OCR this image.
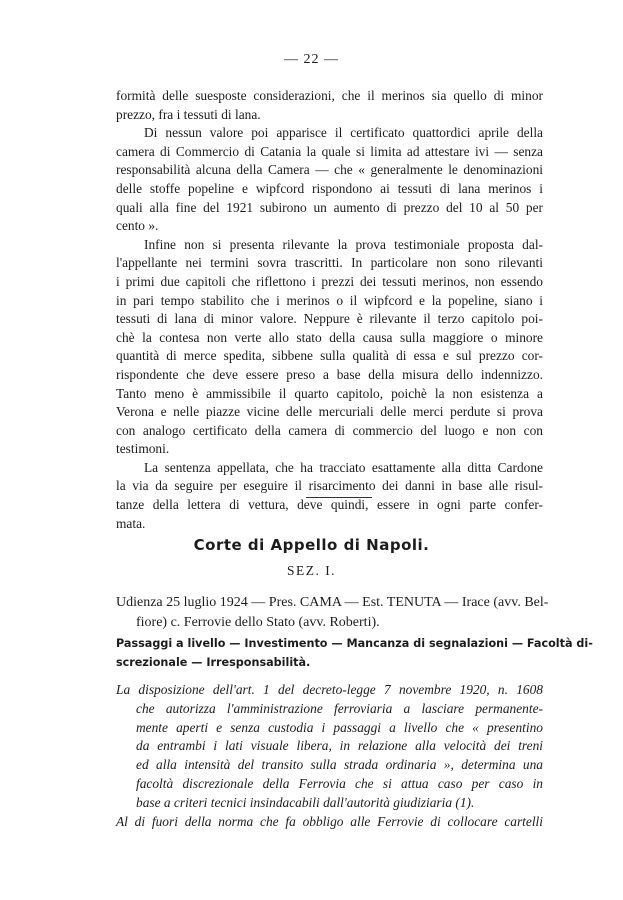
— 22 —
formità delle suesposte considerazioni, che il merinos sia quello di minor
prezzo, fra i tessuti di lana.
Di nessun valore poi apparisce il certificato quattordici aprile della
camera di Commercio di Catania la quale si limita ad attestare ivi — senza
responsabilità alcuna della Camera — che « generalmente le denominazioni
delle stoffe popeline e wipfcord rispondono ai tessuti di lana merinos i
quali alla fine del 1921 subirono un aumento di prezzo del 10 al 50 per
cento ».
Infine non si presenta rilevante la prova testimoniale proposta dal-
l'appellante nei termini sovra trascritti. In particolare non sono rilevanti
i primi due capitoli che riflettono i prezzi dei tessuti merinos, non essendo
in pari tempo stabilito che i merinos o il wipfcord e la popeline, siano i
tessuti di lana di minor valore. Neppure è rilevante il terzo capitolo poi-
chè la contesa non verte allo stato della causa sulla maggiore o minore
quantità di merce spedita, sibbene sulla qualità di essa e sul prezzo cor-
rispondente che deve essere preso a base della misura dello indennizzo.
Tanto meno è ammissibile il quarto capitolo, poichè la non esistenza a
Verona e nelle piazze vicine delle mercuriali delle merci perdute si prova
con analogo certificato della camera di commercio del luogo e non con
testimoni.
La sentenza appellata, che ha tracciato esattamente alla ditta Cardone
la via da seguire per eseguire il risarcimento dei danni in base alle risul-
tanze della lettera di vettura, deve quindi, essere in ogni parte confer-
mata.
Corte di Appello di Napoli.
SEZ. I.
Udienza 25 luglio 1924 — Pres. CAMA — Est. TENUTA — Irace (avv. Bel-
fiore) c. Ferrovie dello Stato (avv. Roberti).
Passaggi a livello — Investimento — Mancanza di segnalazioni — Facoltà di-
screzionale — Irresponsabilità.
La disposizione dell'art. 1 del decreto-legge 7 novembre 1920, n. 1608
che autorizza l'amministrazione ferroviaria a lasciare permanente-
mente aperti e senza custodia i passaggi a livello che « presentino
da entrambi i lati visuale libera, in relazione alla velocità dei treni
ed alla intensità del transito sulla strada ordinaria », determina una
facoltà discrezionale della Ferrovia che si attua caso per caso in
base a criteri tecnici insindacabili dall'autorità giudiziaria (1).
Al di fuori della norma che fa obbligo alle Ferrovie di collocare cartelli
